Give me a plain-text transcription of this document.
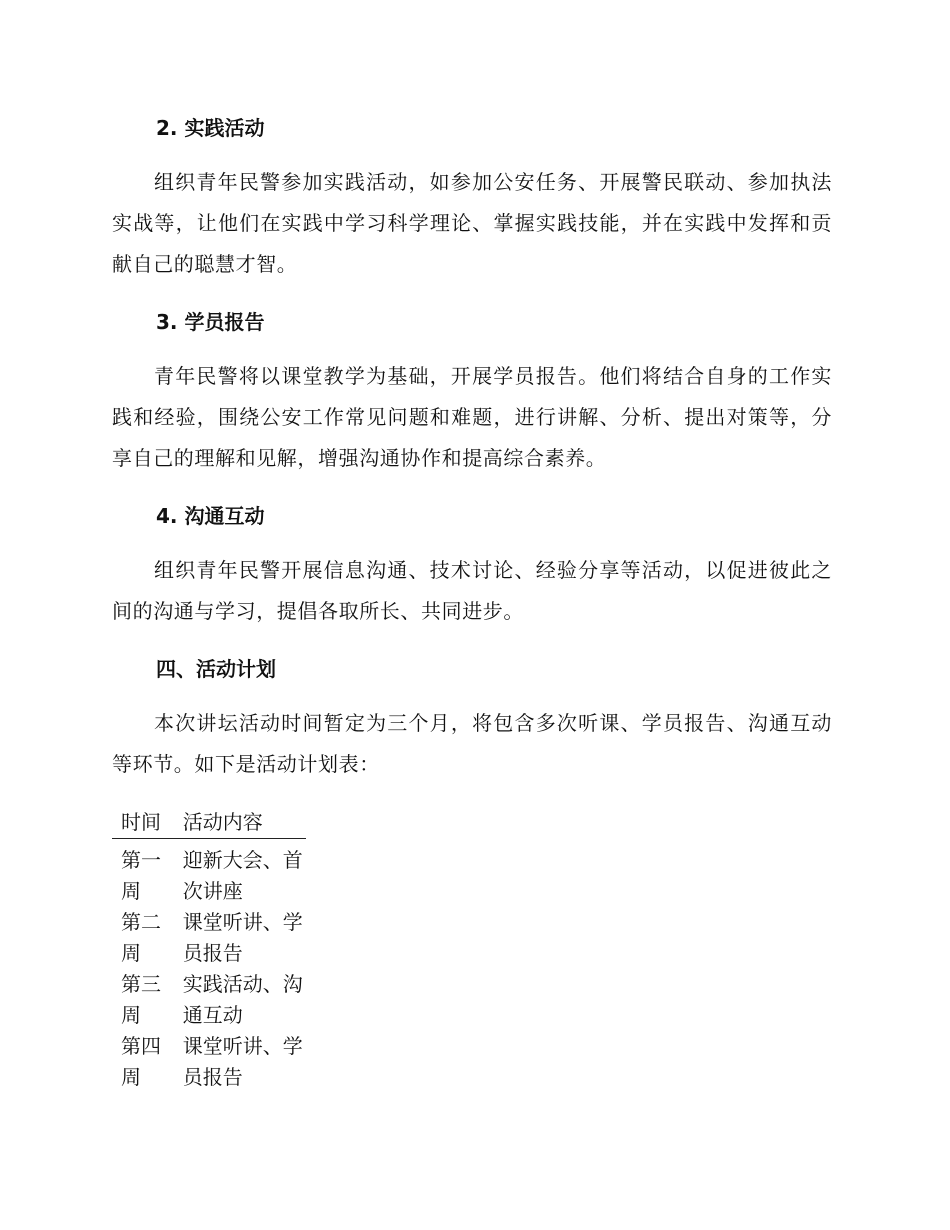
2. 实践活动
组织青年民警参加实践活动，如参加公安任务、开展警民联动、参加执法实战等，让他们在实践中学习科学理论、掌握实践技能，并在实践中发挥和贡献自己的聪慧才智。
3. 学员报告
青年民警将以课堂教学为基础，开展学员报告。他们将结合自身的工作实践和经验，围绕公安工作常见问题和难题，进行讲解、分析、提出对策等，分享自己的理解和见解，增强沟通协作和提高综合素养。
4. 沟通互动
组织青年民警开展信息沟通、技术讨论、经验分享等活动，以促进彼此之间的沟通与学习，提倡各取所长、共同进步。
四、活动计划
本次讲坛活动时间暂定为三个月，将包含多次听课、学员报告、沟通互动等环节。如下是活动计划表：
时间	活动内容
第一周	迎新大会、首次讲座
第二周	课堂听讲、学员报告
第三周	实践活动、沟通互动
第四周	课堂听讲、学员报告
